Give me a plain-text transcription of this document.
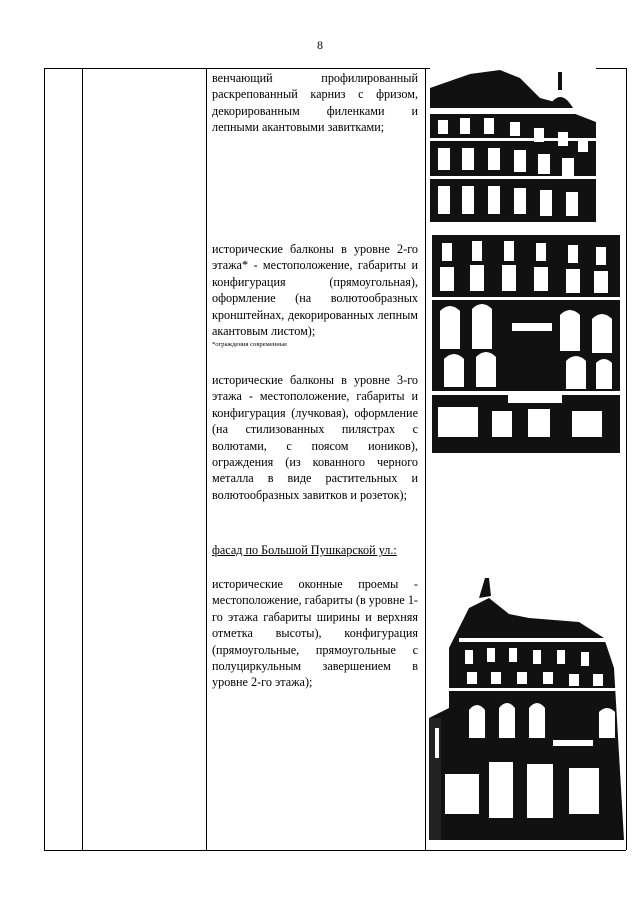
8

венчающий профилированный раскрепованный карниз с фризом, декорированным филенками и лепными акантовыми завитками;

исторические балконы в уровне 2-го этажа* - местоположение, габариты и конфигурация (прямоугольная), оформление (на волютообразных кронштейнах, декорированных лепным акантовым листом);

*ограждения современные

исторические балконы в уровне 3-го этажа - местоположение, габариты и конфигурация (лучковая), оформление (на стилизованных пилястрах с волютами, с поясом иоников), ограждения (из кованного черного металла в виде растительных и волютообразных завитков и розеток);

фасад по Большой Пушкарской ул.:

исторические оконные проемы - местоположение, габариты (в уровне 1-го этажа габариты ширины и верхняя отметка высоты), конфигурация (прямоугольные, прямоугольные с полуциркульным завершением в уровне 2-го этажа);
